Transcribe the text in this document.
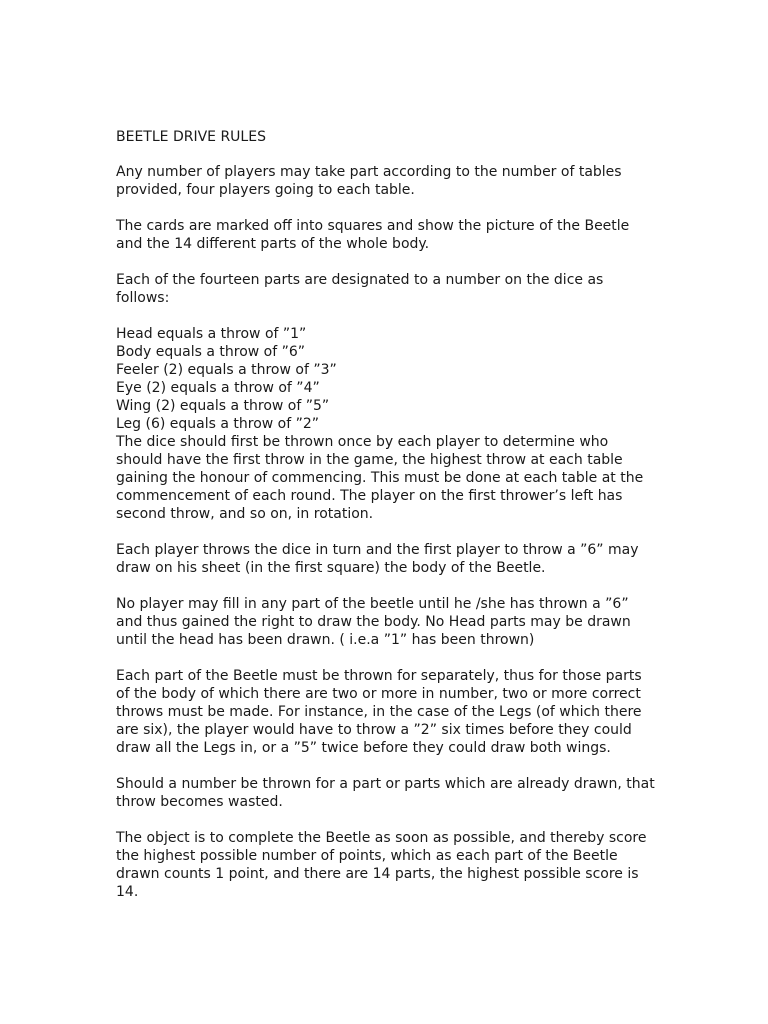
BEETLE DRIVE RULES

Any number of players may take part according to the number of tables provided, four players going to each table.

The cards are marked off into squares and show the picture of the Beetle and the 14 different parts of the whole body.

Each of the fourteen parts are designated to a number on the dice as follows:

Head equals a throw of ”1”
Body equals a throw of ”6”
Feeler (2) equals a throw of ”3”
Eye (2) equals a throw of ”4”
Wing (2) equals a throw of ”5”
Leg (6) equals a throw of ”2”

The dice should first be thrown once by each player to determine who should have the first throw in the game, the highest throw at each table gaining the honour of commencing. This must be done at each table at the commencement of each round. The player on the first thrower’s left has second throw, and so on, in rotation.

Each player throws the dice in turn and the first player to throw a ”6” may draw on his sheet (in the first square) the body of the Beetle.

No player may fill in any part of the beetle until he /she has thrown a ”6” and thus gained the right to draw the body. No Head parts may be drawn until the head has been drawn. ( i.e.a ”1” has been thrown)

Each part of the Beetle must be thrown for separately, thus for those parts of the body of which there are two or more in number, two or more correct throws must be made. For instance, in the case of the Legs (of which there are six), the player would have to throw a ”2” six times before they could draw all the Legs in, or a ”5” twice before they could draw both wings.

Should a number be thrown for a part or parts which are already drawn, that throw becomes wasted.

The object is to complete the Beetle as soon as possible, and thereby score the highest possible number of points, which as each part of the Beetle drawn counts 1 point, and there are 14 parts, the highest possible score is 14.
